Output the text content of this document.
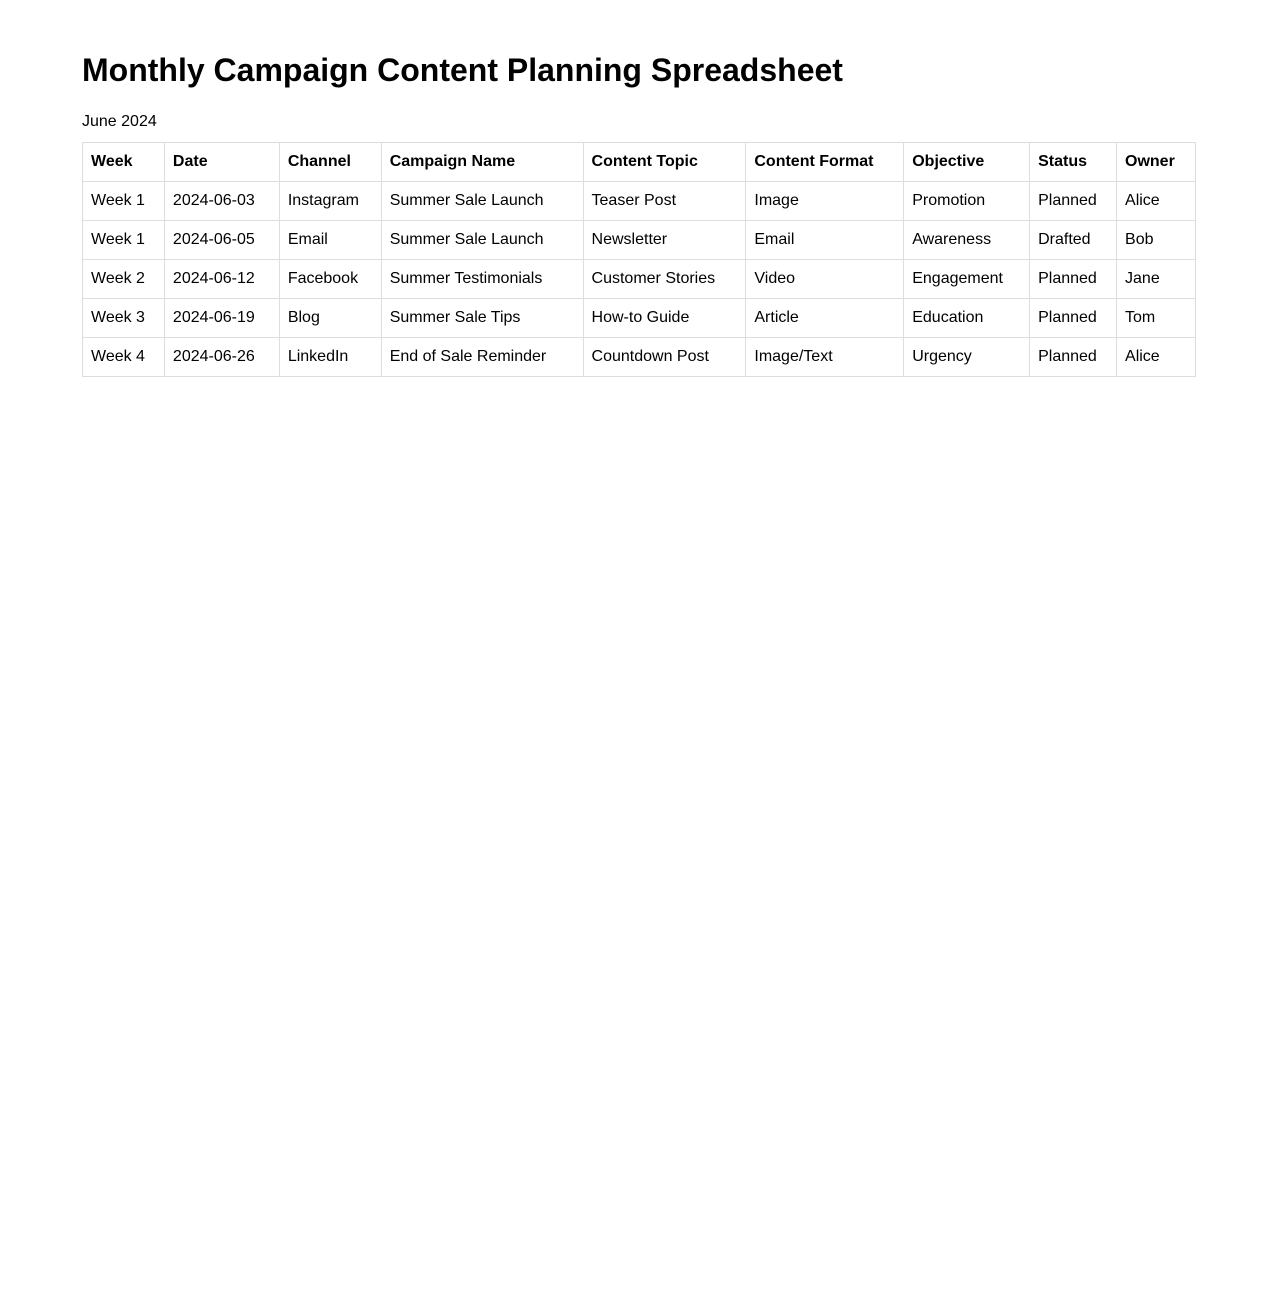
Monthly Campaign Content Planning Spreadsheet
June 2024
Week	Date	Channel	Campaign Name	Content Topic	Content Format	Objective	Status	Owner
Week 1	2024-06-03	Instagram	Summer Sale Launch	Teaser Post	Image	Promotion	Planned	Alice
Week 1	2024-06-05	Email	Summer Sale Launch	Newsletter	Email	Awareness	Drafted	Bob
Week 2	2024-06-12	Facebook	Summer Testimonials	Customer Stories	Video	Engagement	Planned	Jane
Week 3	2024-06-19	Blog	Summer Sale Tips	How-to Guide	Article	Education	Planned	Tom
Week 4	2024-06-26	LinkedIn	End of Sale Reminder	Countdown Post	Image/Text	Urgency	Planned	Alice
